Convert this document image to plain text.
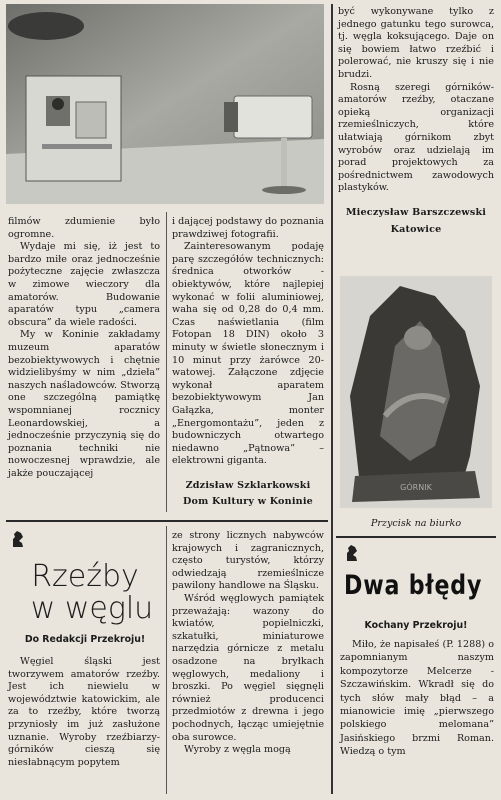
filmów zdumienie było ogromne.

Wydaje mi się, iż jest to bardzo miłe oraz jednocześnie pożyteczne zajęcie zwłaszcza w zimowe wieczory dla amatorów. Budowanie aparatów typu „camera obscura” da wiele radości.

My w Koninie zakładamy muzeum aparatów bezobiektywowych i chętnie widzielibyśmy w nim „dzieła” naszych naśladowców. Stworzą one szczególną pamiątkę wspomnianej rocznicy Leonardowskiej, a jednocześnie przyczynią się do poznania techniki nie nowoczesnej wprawdzie, ale jakże pouczającej

i dającej podstawy do poznania prawdziwej fotografii.

Zainteresowanym podaję parę szczegółów technicznych: średnica otworków - obiektywów, które najlepiej wykonać w folii aluminiowej, waha się od 0,28 do 0,4 mm. Czas naświetlania (film Fotopan 18 DIN) około 3 minuty w świetle słonecznym i 10 minut przy żarówce 20-watowej. Załączone zdjęcie wykonał aparatem bezobiektywowym Jan Gałązka, monter „Energomontażu”, jeden z budowniczych otwartego niedawno „Pątnowa” – elektrowni giganta.

Zdzisław Szklarkowski
Dom Kultury w Koninie

być wykonywane tylko z jednego gatunku tego surowca, tj. węgla koksującego. Daje on się bowiem łatwo rzeźbić i polerować, nie kruszy się i nie brudzi.

Rosną szeregi górników-amatorów rzeźby, otaczane opieką organizacji rzemieślniczych, które ułatwiają górnikom zbyt wyrobów oraz udzielają im porad projektowych za pośrednictwem zawodowych plastyków.

Mieczysław Barszczewski
Katowice
GÓRNIK
Przycisk na biurko
Rzeźby
w węglu
Do Redakcji Przekroju!

Węgiel śląski jest tworzywem amatorów rzeźby. Jest ich niewielu w województwie katowickim, ale za to rzeźby, które tworzą przyniosły im już zasłużone uznanie. Wyroby rzeźbiarzy-górników cieszą się niesłabnącym popytem

ze strony licznych nabywców krajowych i zagranicznych, często turystów, którzy odwiedzają rzemieślnicze pawilony handlowe na Śląsku.

Wśród węglowych pamiątek przeważają: wazony do kwiatów, popielniczki, szkatułki, miniaturowe narzędzia górnicze z metalu osadzone na bryłkach węglowych, medaliony i broszki. Po węgiel sięgnęli również producenci przedmiotów z drewna i jego pochodnych, łącząc umiejętnie oba surowce.

Wyroby z węgla mogą

Dwa błędy
Kochany Przekroju!

Miło, że napisałeś (P. 1288) o zapomnianym naszym kompozytorze Melcerze - Szczawińskim. Wkradł się do tych słów mały błąd – a mianowicie imię „pierwszego polskiego melomana” Jasińskiego brzmi Roman. Wiedzą o tym
